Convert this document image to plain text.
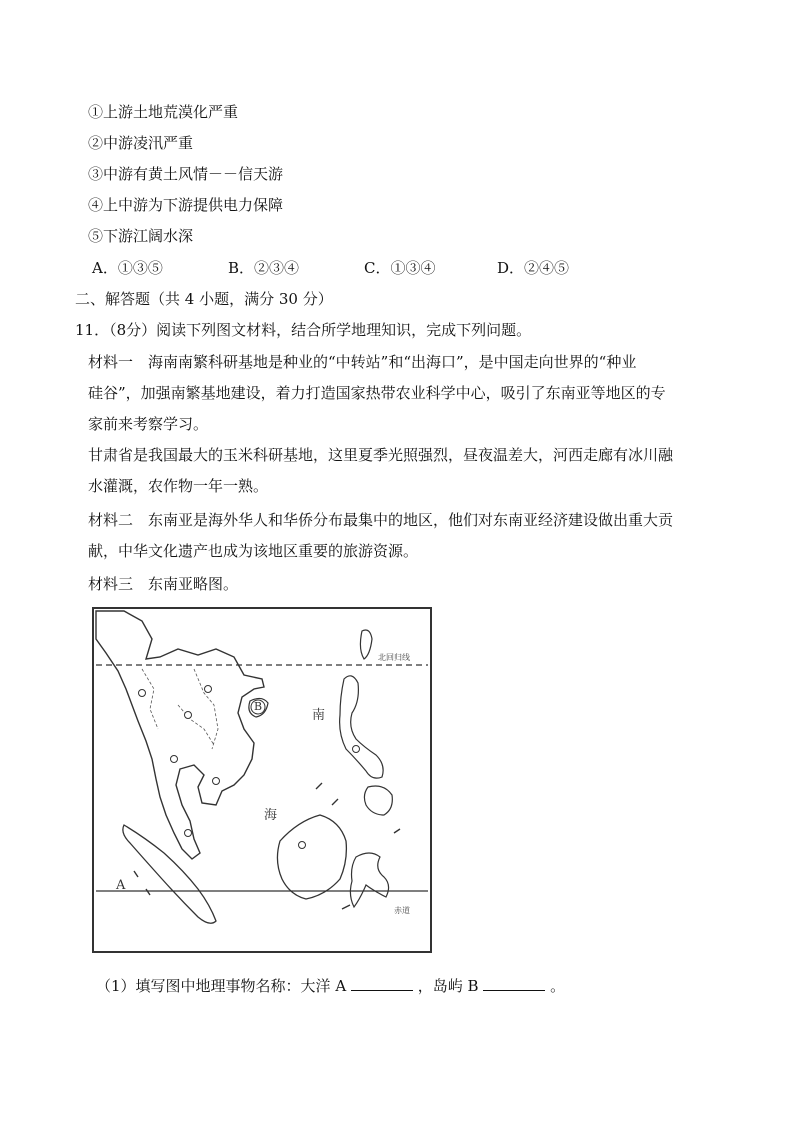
①上游土地荒漠化严重
②中游凌汛严重
③中游有黄土风情－－信天游
④上中游为下游提供电力保障
⑤下游江阔水深
A．①③⑤	B．②③④	C．①③④	D．②④⑤
二、解答题（共 4 小题，满分 30 分）
11．（8分）阅读下列图文材料，结合所学地理知识，完成下列问题。
材料一　海南南繁科研基地是种业的“中转站”和“出海口”，是中国走向世界的“种业
硅谷”，加强南繁基地建设，着力打造国家热带农业科学中心，吸引了东南亚等地区的专
家前来考察学习。
甘肃省是我国最大的玉米科研基地，这里夏季光照强烈，昼夜温差大，河西走廊有冰川融
水灌溉，农作物一年一熟。
材料二　东南亚是海外华人和华侨分布最集中的地区，他们对东南亚经济建设做出重大贡
献，中华文化遗产也成为该地区重要的旅游资源。
材料三　东南亚略图。
北回归线
赤道
南
海
A
B
（1）填写图中地理事物名称：大洋 A	，岛屿 B	。
